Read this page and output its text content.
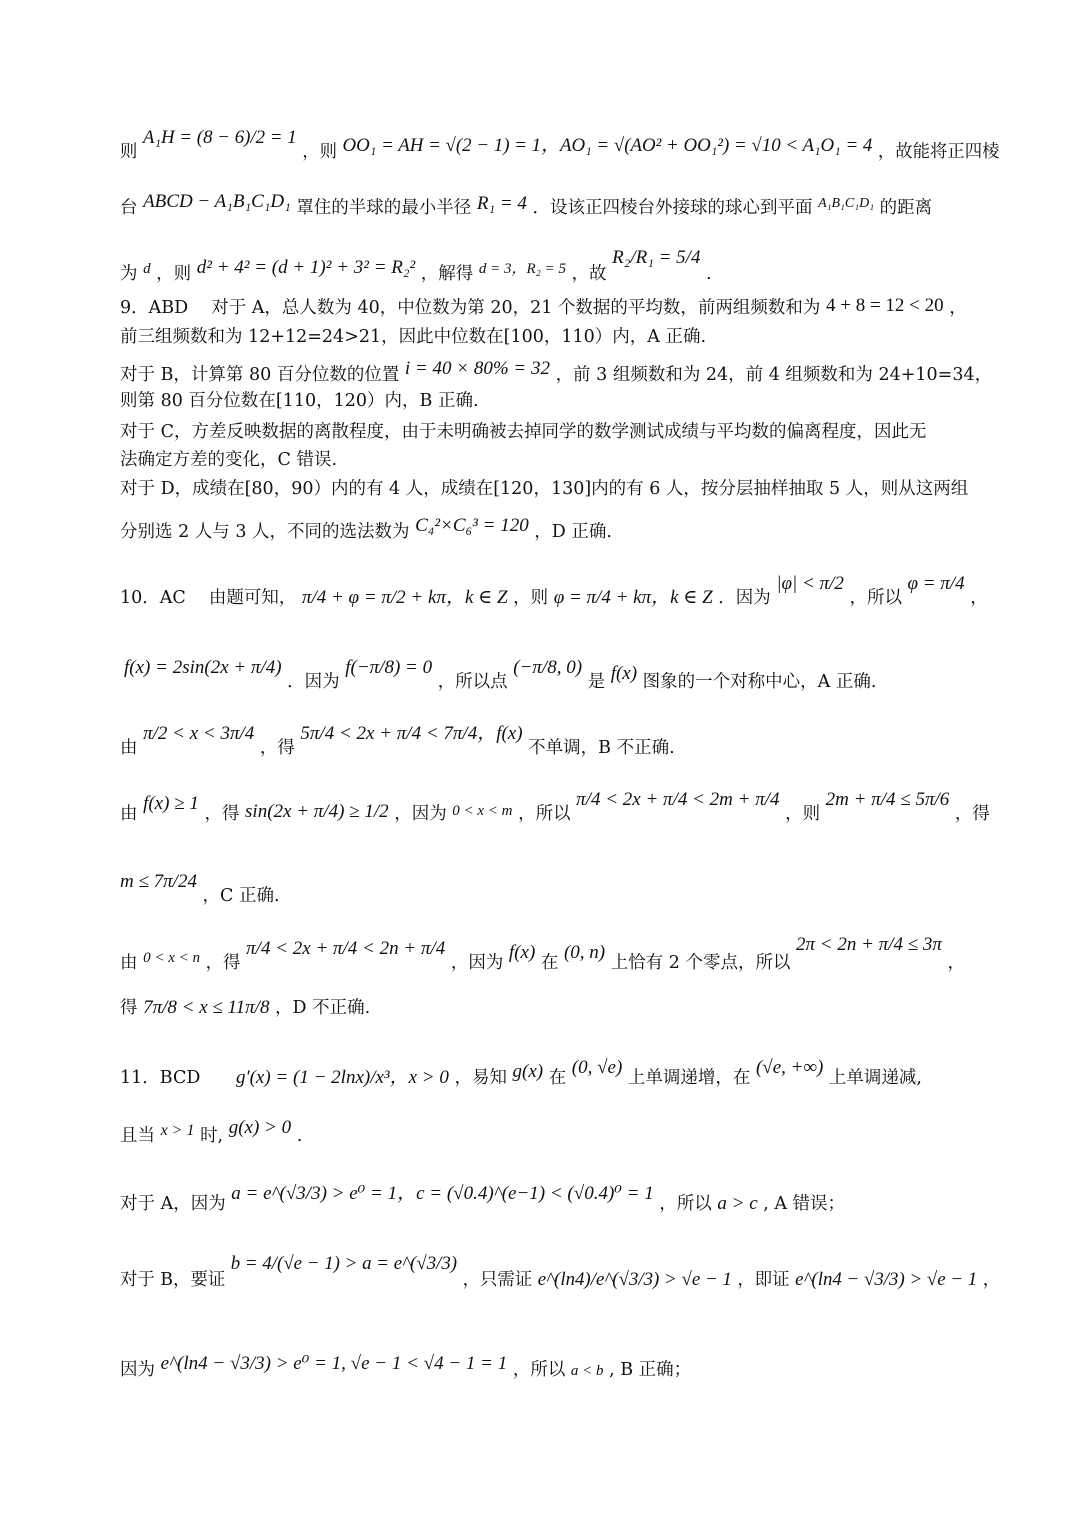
则 A₁H = (8 − 6)/2 = 1 ，则 OO₁ = AH = √(2 − 1) = 1，AO₁ = √(AO² + OO₁²) = √10 < A₁O₁ = 4 ，故能将正四棱
台 ABCD − A₁B₁C₁D₁ 罩住的半球的最小半径 R₁ = 4 ．设该正四棱台外接球的球心到平面 $^{A_1B_1C_1D_1}$ 的距离
为 d ，则 d² + 4² = (d + 1)² + 3² = R₂² ，解得 d = 3，R₂ = 5 ，故 R₂/R₁ = 5/4 .
9．ABD　 对于 A，总人数为 40，中位数为第 20，21 个数据的平均数，前两组频数和为 4 + 8 = 12 < 20 ，
前三组频数和为 12+12=24>21，因此中位数在[100，110）内，A 正确.
对于 B，计算第 80 百分位数的位置 i = 40 × 80% = 32 ，前 3 组频数和为 24，前 4 组频数和为 24+10=34，
则第 80 百分位数在[110，120）内，B 正确.
对于 C，方差反映数据的离散程度，由于未明确被去掉同学的数学测试成绩与平均数的偏离程度，因此无
法确定方差的变化，C 错误.
对于 D，成绩在[80，90）内的有 4 人，成绩在[120，130]内的有 6 人，按分层抽样抽取 5 人，则从这两组
分别选 2 人与 3 人，不同的选法数为 C₄²×C₆³ = 120 ，D 正确.
10．AC　 由题可知， π/4 + φ = π/2 + kπ，k ∈ Z ，则 φ = π/4 + kπ，k ∈ Z ．因为 |φ| < π/2 ，所以 φ = π/4 ，
f(x) = 2sin(2x + π/4) ．因为 f(−π/8) = 0 ，所以点 (−π/8, 0) 是 f(x) 图象的一个对称中心，A 正确.
由 π/2 < x < 3π/4 ，得 5π/4 < 2x + π/4 < 7π/4，f(x) 不单调，B 不正确.
由 f(x) ≥ 1 ，得 sin(2x + π/4) ≥ 1/2 ，因为 0 < x < m ，所以 π/4 < 2x + π/4 < 2m + π/4 ，则 2m + π/4 ≤ 5π/6 ，得
m ≤ 7π/24 ，C 正确.
由 0 < x < n ，得 π/4 < 2x + π/4 < 2n + π/4 ，因为 f(x) 在 (0, n) 上恰有 2 个零点，所以 2π < 2n + π/4 ≤ 3π ，
得 7π/8 < x ≤ 11π/8 ，D 不正确.
11．BCD g′(x) = (1 − 2lnx)/x³，x > 0 ，易知 g(x) 在 (0, √e) 上单调递增，在 (√e, +∞) 上单调递减,
且当 x > 1 时, g(x) > 0 .
对于 A，因为 a = e^(√3/3) > e⁰ = 1，c = (√0.4)^(e−1) < (√0.4)⁰ = 1 ，所以 a > c , A 错误；
对于 B，要证 b = 4/(√e − 1) > a = e^(√3/3) ，只需证 e^(ln4)/e^(√3/3) > √e − 1 ，即证 e^(ln4 − √3/3) > √e − 1 ，
因为 e^(ln4 − √3/3) > e⁰ = 1, √e − 1 < √4 − 1 = 1 ，所以 a < b , B 正确；
